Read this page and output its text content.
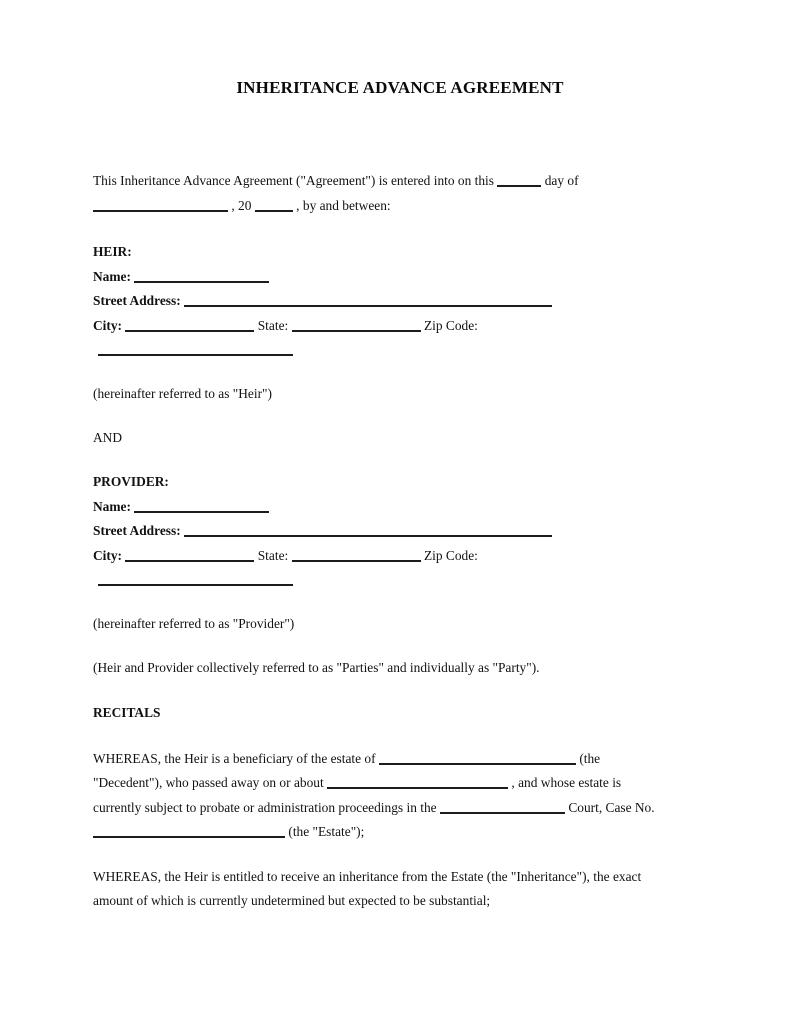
INHERITANCE ADVANCE AGREEMENT
This Inheritance Advance Agreement ("Agreement") is entered into on this	day of
, 20	, by and between:
HEIR:
Name:
Street Address:
City:	State:	Zip Code:
(hereinafter referred to as "Heir")
AND
PROVIDER:
Name:
Street Address:
City:	State:	Zip Code:
(hereinafter referred to as "Provider")
(Heir and Provider collectively referred to as "Parties" and individually as "Party").
RECITALS
WHEREAS, the Heir is a beneficiary of the estate of	(the
"Decedent"), who passed away on or about	, and whose estate is
currently subject to probate or administration proceedings in the	Court, Case No.
(the "Estate");
WHEREAS, the Heir is entitled to receive an inheritance from the Estate (the "Inheritance"), the exact
amount of which is currently undetermined but expected to be substantial;
